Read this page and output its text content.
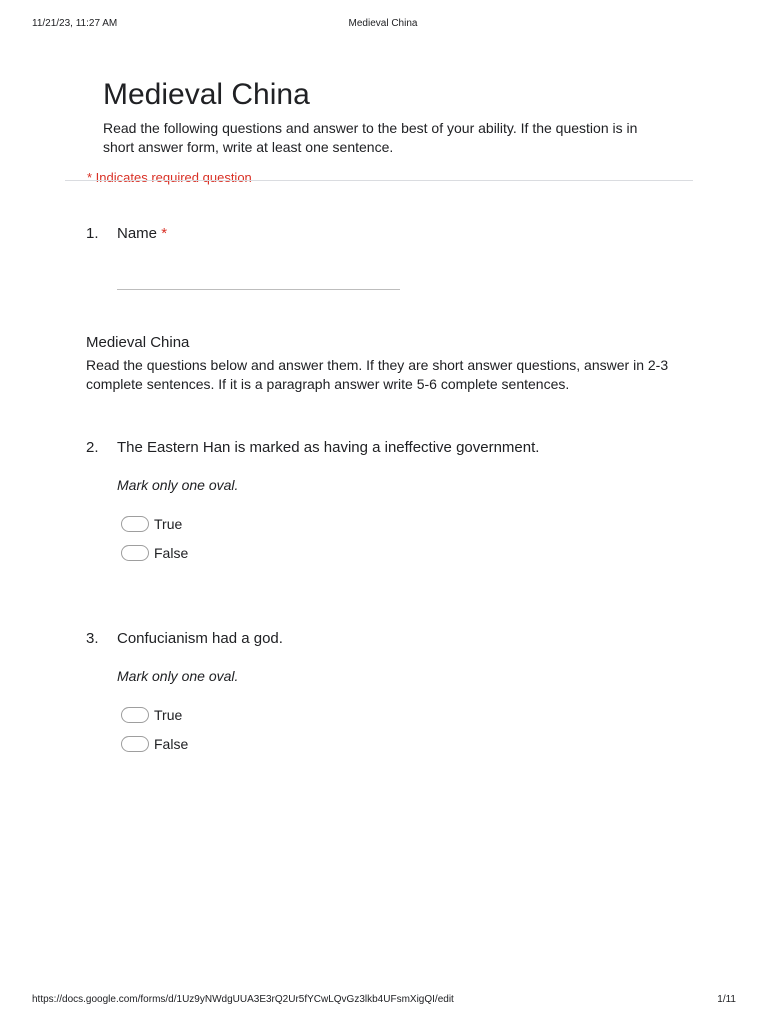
11/21/23, 11:27 AM	Medieval China
Medieval China
Read the following questions and answer to the best of your ability. If the question is in short answer form, write at least one sentence.
* Indicates required question
1. Name *
Medieval China
Read the questions below and answer them. If they are short answer questions, answer in 2-3 complete sentences. If it is a paragraph answer write 5-6 complete sentences.
2. The Eastern Han is marked as having a ineffective government.
Mark only one oval.
True
False
3. Confucianism had a god.
Mark only one oval.
True
False
https://docs.google.com/forms/d/1Uz9yNWdgUUA3E3rQ2Ur5fYCwLQvGz3lkb4UFsmXigQI/edit	1/11
